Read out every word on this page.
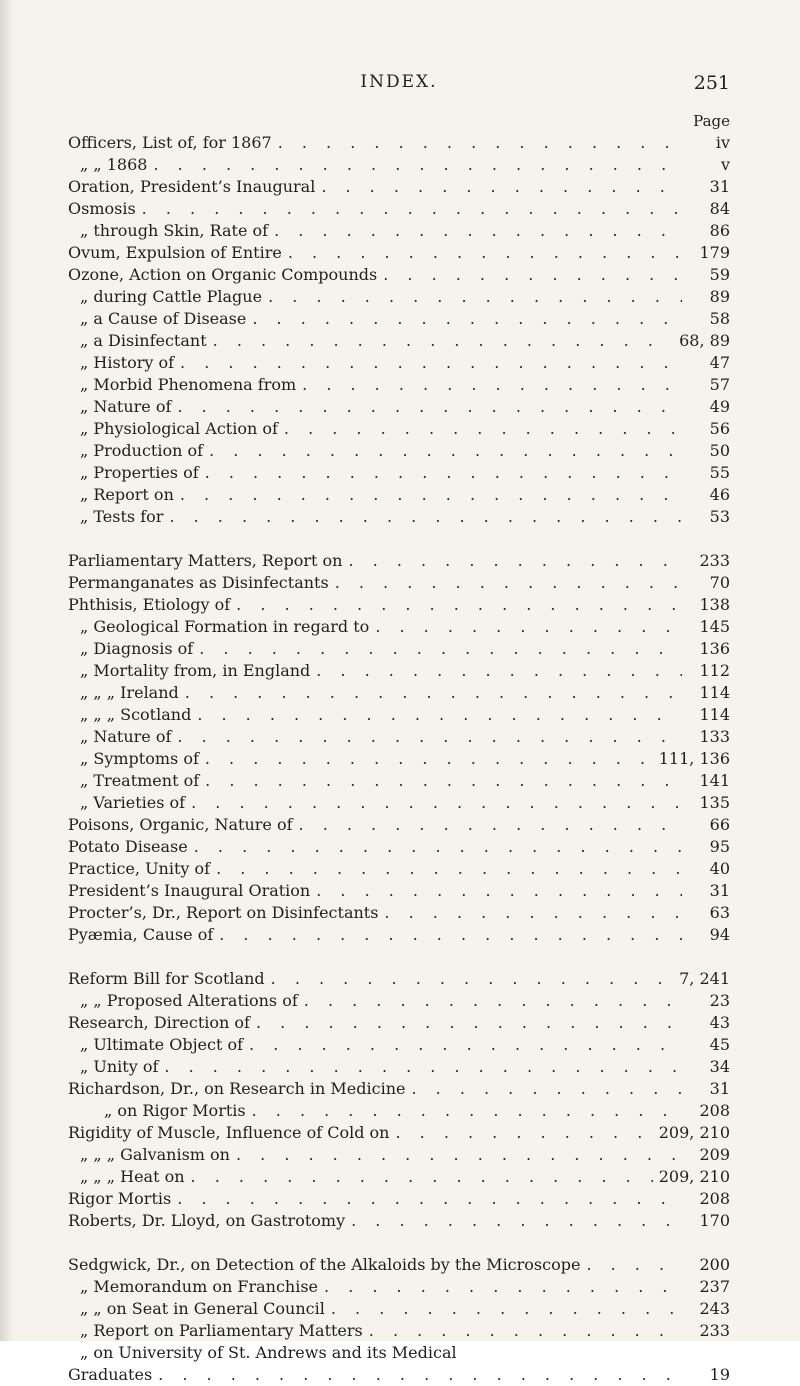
INDEX.	251
Page
Officers, List of, for 1867 . . .	iv
„ „ 1868 . . .	v
Oration, President’s Inaugural . . .	31
Osmosis . . .	84
„ through Skin, Rate of . . .	86
Ovum, Expulsion of Entire . . .	179
Ozone, Action on Organic Compounds . . .	59
„ during Cattle Plague . . .	89
„ a Cause of Disease . . .	58
„ a Disinfectant . . .	68, 89
„ History of . . .	47
„ Morbid Phenomena from . . .	57
„ Nature of . . .	49
„ Physiological Action of . . .	56
„ Production of . . .	50
„ Properties of . . .	55
„ Report on . . .	46
„ Tests for . . .	53
Parliamentary Matters, Report on . . .	233
Permanganates as Disinfectants . . .	70
Phthisis, Etiology of . . .	138
„ Geological Formation in regard to . . .	145
„ Diagnosis of . . .	136
„ Mortality from, in England . . .	112
„ „ „ Ireland . . .	114
„ „ „ Scotland . . .	114
„ Nature of . . .	133
„ Symptoms of . . .	111, 136
„ Treatment of . . .	141
„ Varieties of . . .	135
Poisons, Organic, Nature of . . .	66
Potato Disease . . .	95
Practice, Unity of . . .	40
President’s Inaugural Oration . . .	31
Procter’s, Dr., Report on Disinfectants . . .	63
Pyæmia, Cause of . . .	94
Reform Bill for Scotland . . .	7, 241
„ „ Proposed Alterations of . . .	23
Research, Direction of . . .	43
„ Ultimate Object of . . .	45
„ Unity of . . .	34
Richardson, Dr., on Research in Medicine . . .	31
„ on Rigor Mortis . . .	208
Rigidity of Muscle, Influence of Cold on . . .	209, 210
„ „ „ Galvanism on . . .	209
„ „ „ Heat on . . .	209, 210
Rigor Mortis . . .	208
Roberts, Dr. Lloyd, on Gastrotomy . . .	170
Sedgwick, Dr., on Detection of the Alkaloids by the Microscope . . .	200
„ Memorandum on Franchise . . .	237
„ „ on Seat in General Council . . .	243
„ Report on Parliamentary Matters . . .	233
„ on University of St. Andrews and its Medical
Graduates . . .	19
